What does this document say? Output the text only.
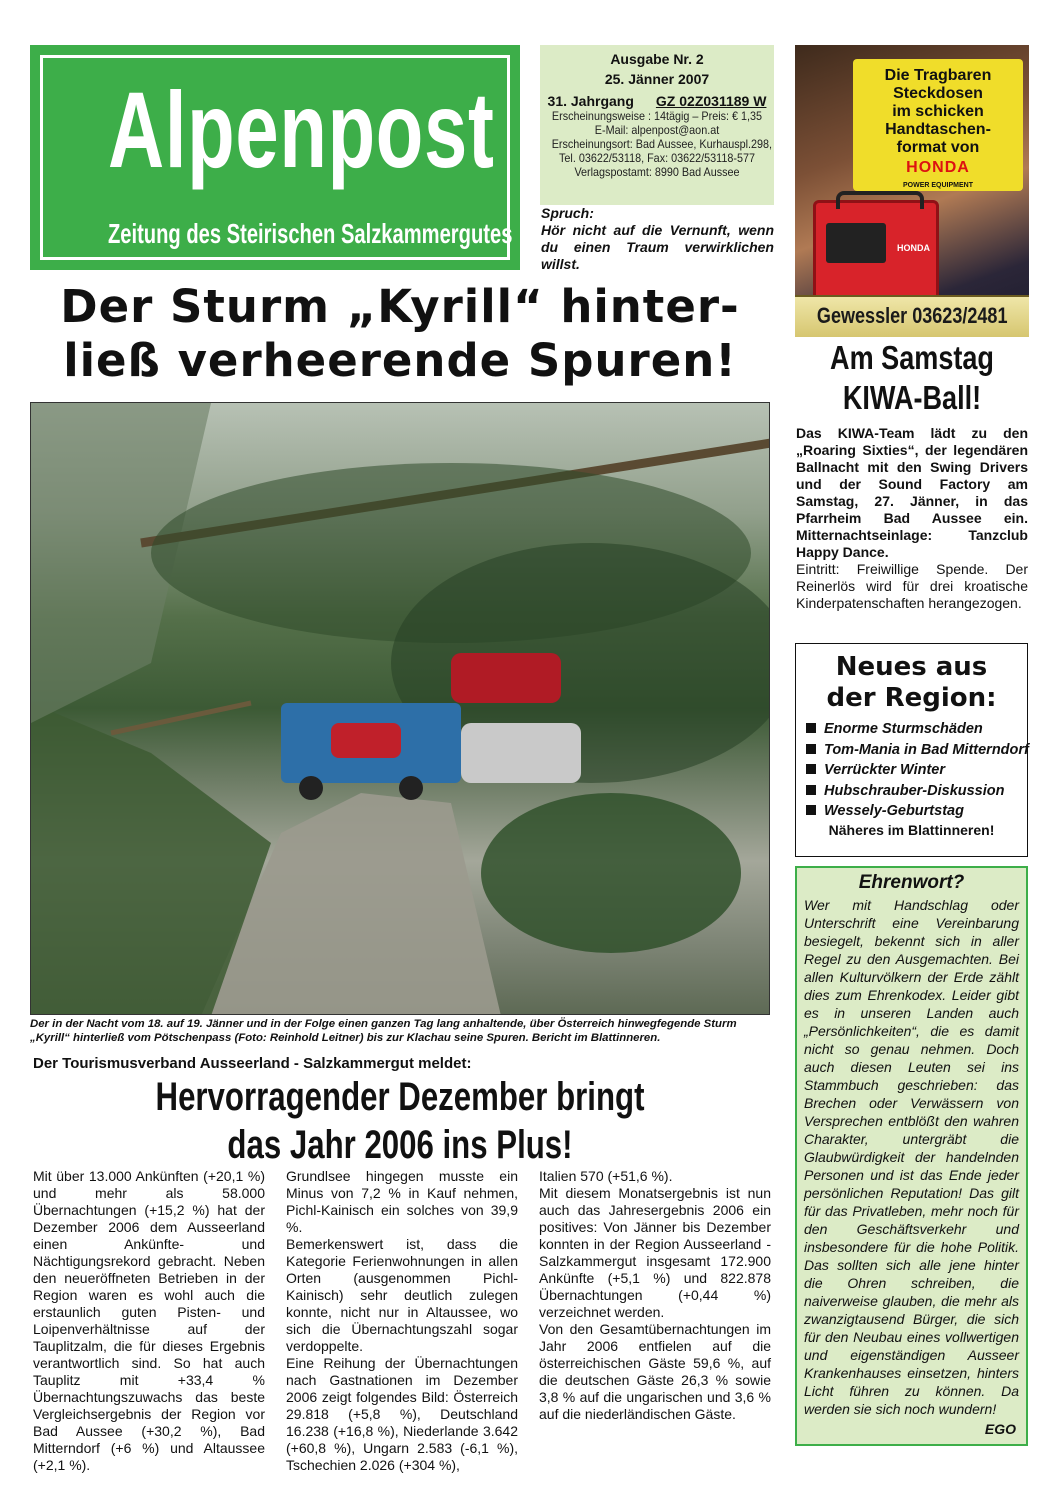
Alpenpost
Zeitung des Steirischen Salzkammergutes
Ausgabe Nr. 2
25. Jänner 2007
31. Jahrgang GZ 02Z031189 W
Erscheinungsweise : 14tägig – Preis: € 1,35
E-Mail: alpenpost@aon.at
Erscheinungsort: Bad Aussee, Kurhauspl.298,
Tel. 03622/53118, Fax: 03622/53118-577
Verlagspostamt: 8990 Bad Aussee
Spruch:
Hör nicht auf die Vernunft, wenn du einen Traum verwirklichen willst.
Die Tragbaren
Steckdosen
im schicken
Handtaschen-
format von
HONDA
POWER EQUIPMENT
HONDA
Gewessler 03623/2481
Der Sturm „Kyrill“ hinter-
ließ verheerende Spuren!
Der in der Nacht vom 18. auf 19. Jänner und in der Folge einen ganzen Tag lang anhaltende, über Österreich hinwegfegende Sturm „Kyrill“ hinterließ vom Pötschenpass (Foto: Reinhold Leitner) bis zur Klachau seine Spuren. Bericht im Blattinneren.
Der Tourismusverband Ausseerland - Salzkammergut meldet:
Hervorragender Dezember bringt
das Jahr 2006 ins Plus!

Mit über 13.000 Ankünften (+20,1 %) und mehr als 58.000 Übernachtungen (+15,2 %) hat der Dezember 2006 dem Ausseerland einen Ankünfte- und Nächtigungsrekord gebracht. Neben den neueröffneten Betrieben in der Region waren es wohl auch die erstaunlich guten Pisten- und Loipenverhältnisse auf der Tauplitzalm, die für dieses Ergebnis verantwortlich sind. So hat auch Tauplitz mit +33,4 % Übernachtungszuwachs das beste Vergleichsergebnis der Region vor Bad Aussee (+30,2 %), Bad Mitterndorf (+6 %) und Altaussee (+2,1 %).

Grundlsee hingegen musste ein Minus von 7,2 % in Kauf nehmen, Pichl-Kainisch ein solches von 39,9 %.

Bemerkenswert ist, dass die Kategorie Ferienwohnungen in allen Orten (ausgenommen Pichl-Kainisch) sehr deutlich zulegen konnte, nicht nur in Altaussee, wo sich die Übernachtungszahl sogar verdoppelte.

Eine Reihung der Übernachtungen nach Gastnationen im Dezember 2006 zeigt folgendes Bild: Österreich 29.818 (+5,8 %), Deutschland 16.238 (+16,8 %), Niederlande 3.642 (+60,8 %), Ungarn 2.583 (-6,1 %), Tschechien 2.026 (+304 %),

Italien 570 (+51,6 %).

Mit diesem Monatsergebnis ist nun auch das Jahresergebnis 2006 ein positives: Von Jänner bis Dezember konnten in der Region Ausseerland - Salzkammergut insgesamt 172.900 Ankünfte (+5,1 %) und 822.878 Übernachtungen (+0,44 %) verzeichnet werden.

Von den Gesamtübernachtungen im Jahr 2006 entfielen auf die österreichischen Gäste 59,6 %, auf die deutschen Gäste 26,3 % sowie 3,8 % auf die ungarischen und 3,6 % auf die niederländischen Gäste.

Am Samstag
KIWA-Ball!

Das KIWA-Team lädt zu den „Roaring Sixties“, der legendären Ballnacht mit den Swing Drivers und der Sound Factory am Samstag, 27. Jänner, in das Pfarrheim Bad Aussee ein. Mitternachtseinlage: Tanzclub Happy Dance.

Eintritt: Freiwillige Spende. Der Reinerlös wird für drei kroatische Kinderpatenschaften herangezogen.

Neues aus
der Region:
Enorme Sturmschäden
Tom-Mania in Bad Mitterndorf
Verrückter Winter
Hubschrauber-Diskussion
Wessely-Geburtstag
Näheres im Blattinneren!
Ehrenwort?
Wer mit Handschlag oder Unterschrift eine Vereinbarung besiegelt, bekennt sich in aller Regel zu den Ausgemachten. Bei allen Kulturvölkern der Erde zählt dies zum Ehrenkodex. Leider gibt es in unseren Landen auch „Persönlichkeiten“, die es damit nicht so genau nehmen. Doch auch diesen Leuten sei ins Stammbuch geschrieben: das Brechen oder Verwässern von Versprechen entblößt den wahren Charakter, untergräbt die Glaubwürdigkeit der handelnden Personen und ist das Ende jeder persönlichen Reputation! Das gilt für das Privatleben, mehr noch für den Geschäftsverkehr und insbesondere für die hohe Politik. Das sollten sich alle jene hinter die Ohren schreiben, die naiverweise glauben, die mehr als zwanzigtausend Bürger, die sich für den Neubau eines vollwertigen und eigenständigen Ausseer Krankenhauses einsetzen, hinters Licht führen zu können. Da werden sie sich noch wundern!
EGO
